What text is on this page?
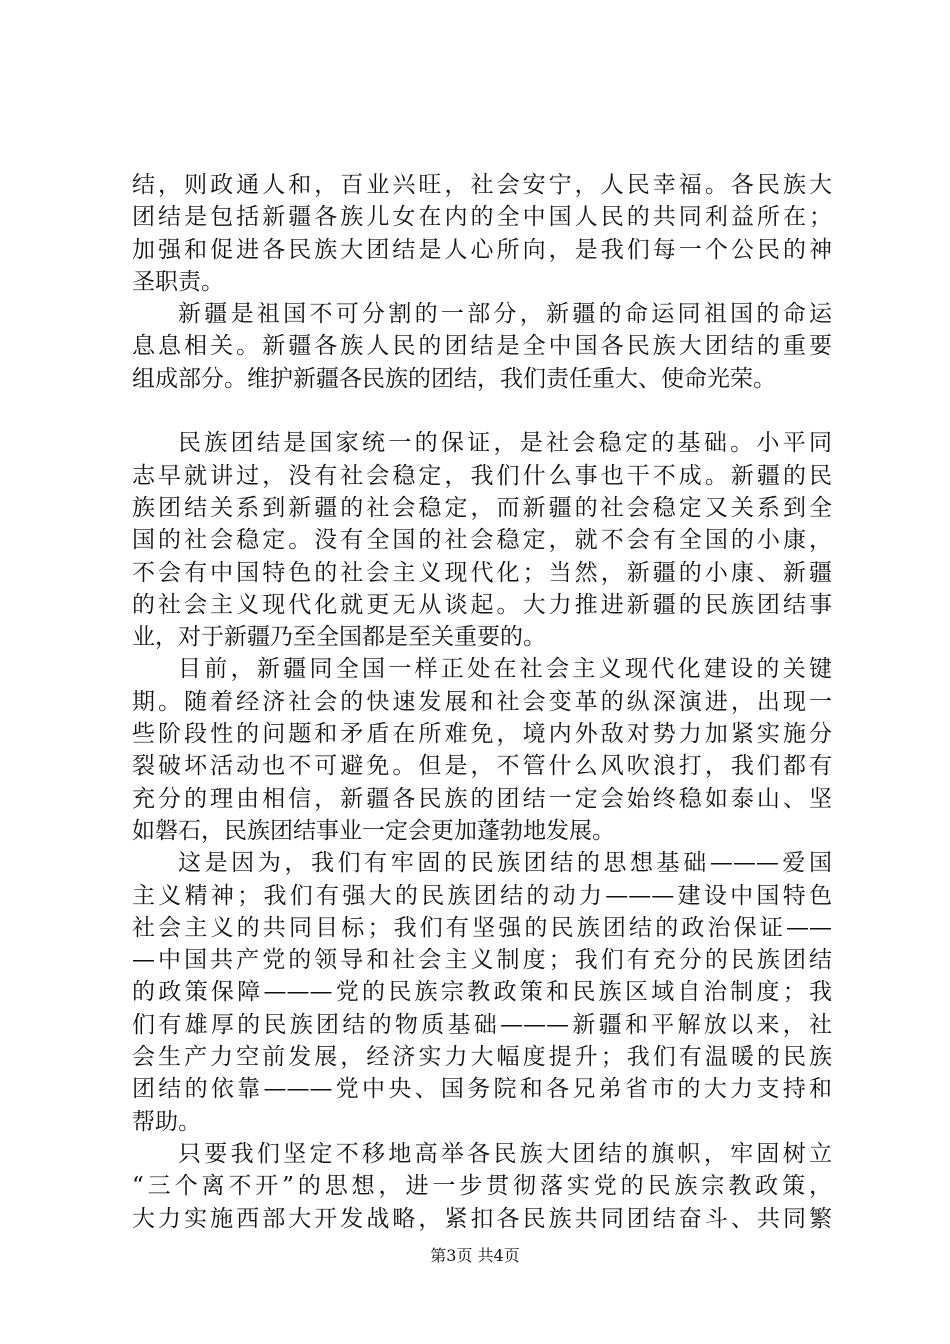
结，则政通人和，百业兴旺，社会安宁，人民幸福。各民族大
团结是包括新疆各族儿女在内的全中国人民的共同利益所在；
加强和促进各民族大团结是人心所向，是我们每一个公民的神
圣职责。
新疆是祖国不可分割的一部分，新疆的命运同祖国的命运
息息相关。新疆各族人民的团结是全中国各民族大团结的重要
组成部分。维护新疆各民族的团结，我们责任重大、使命光荣。
民族团结是国家统一的保证，是社会稳定的基础。小平同
志早就讲过，没有社会稳定，我们什么事也干不成。新疆的民
族团结关系到新疆的社会稳定，而新疆的社会稳定又关系到全
国的社会稳定。没有全国的社会稳定，就不会有全国的小康，
不会有中国特色的社会主义现代化；当然，新疆的小康、新疆
的社会主义现代化就更无从谈起。大力推进新疆的民族团结事
业，对于新疆乃至全国都是至关重要的。
目前，新疆同全国一样正处在社会主义现代化建设的关键
期。随着经济社会的快速发展和社会变革的纵深演进，出现一
些阶段性的问题和矛盾在所难免，境内外敌对势力加紧实施分
裂破坏活动也不可避免。但是，不管什么风吹浪打，我们都有
充分的理由相信，新疆各民族的团结一定会始终稳如泰山、坚
如磐石，民族团结事业一定会更加蓬勃地发展。
这是因为，我们有牢固的民族团结的思想基础———爱国
主义精神；我们有强大的民族团结的动力———建设中国特色
社会主义的共同目标；我们有坚强的民族团结的政治保证——
—中国共产党的领导和社会主义制度；我们有充分的民族团结
的政策保障———党的民族宗教政策和民族区域自治制度；我
们有雄厚的民族团结的物质基础———新疆和平解放以来，社
会生产力空前发展，经济实力大幅度提升；我们有温暖的民族
团结的依靠———党中央、国务院和各兄弟省市的大力支持和
帮助。
只要我们坚定不移地高举各民族大团结的旗帜，牢固树立
“三个离不开”的思想，进一步贯彻落实党的民族宗教政策，
大力实施西部大开发战略，紧扣各民族共同团结奋斗、共同繁
第3页 共4页
